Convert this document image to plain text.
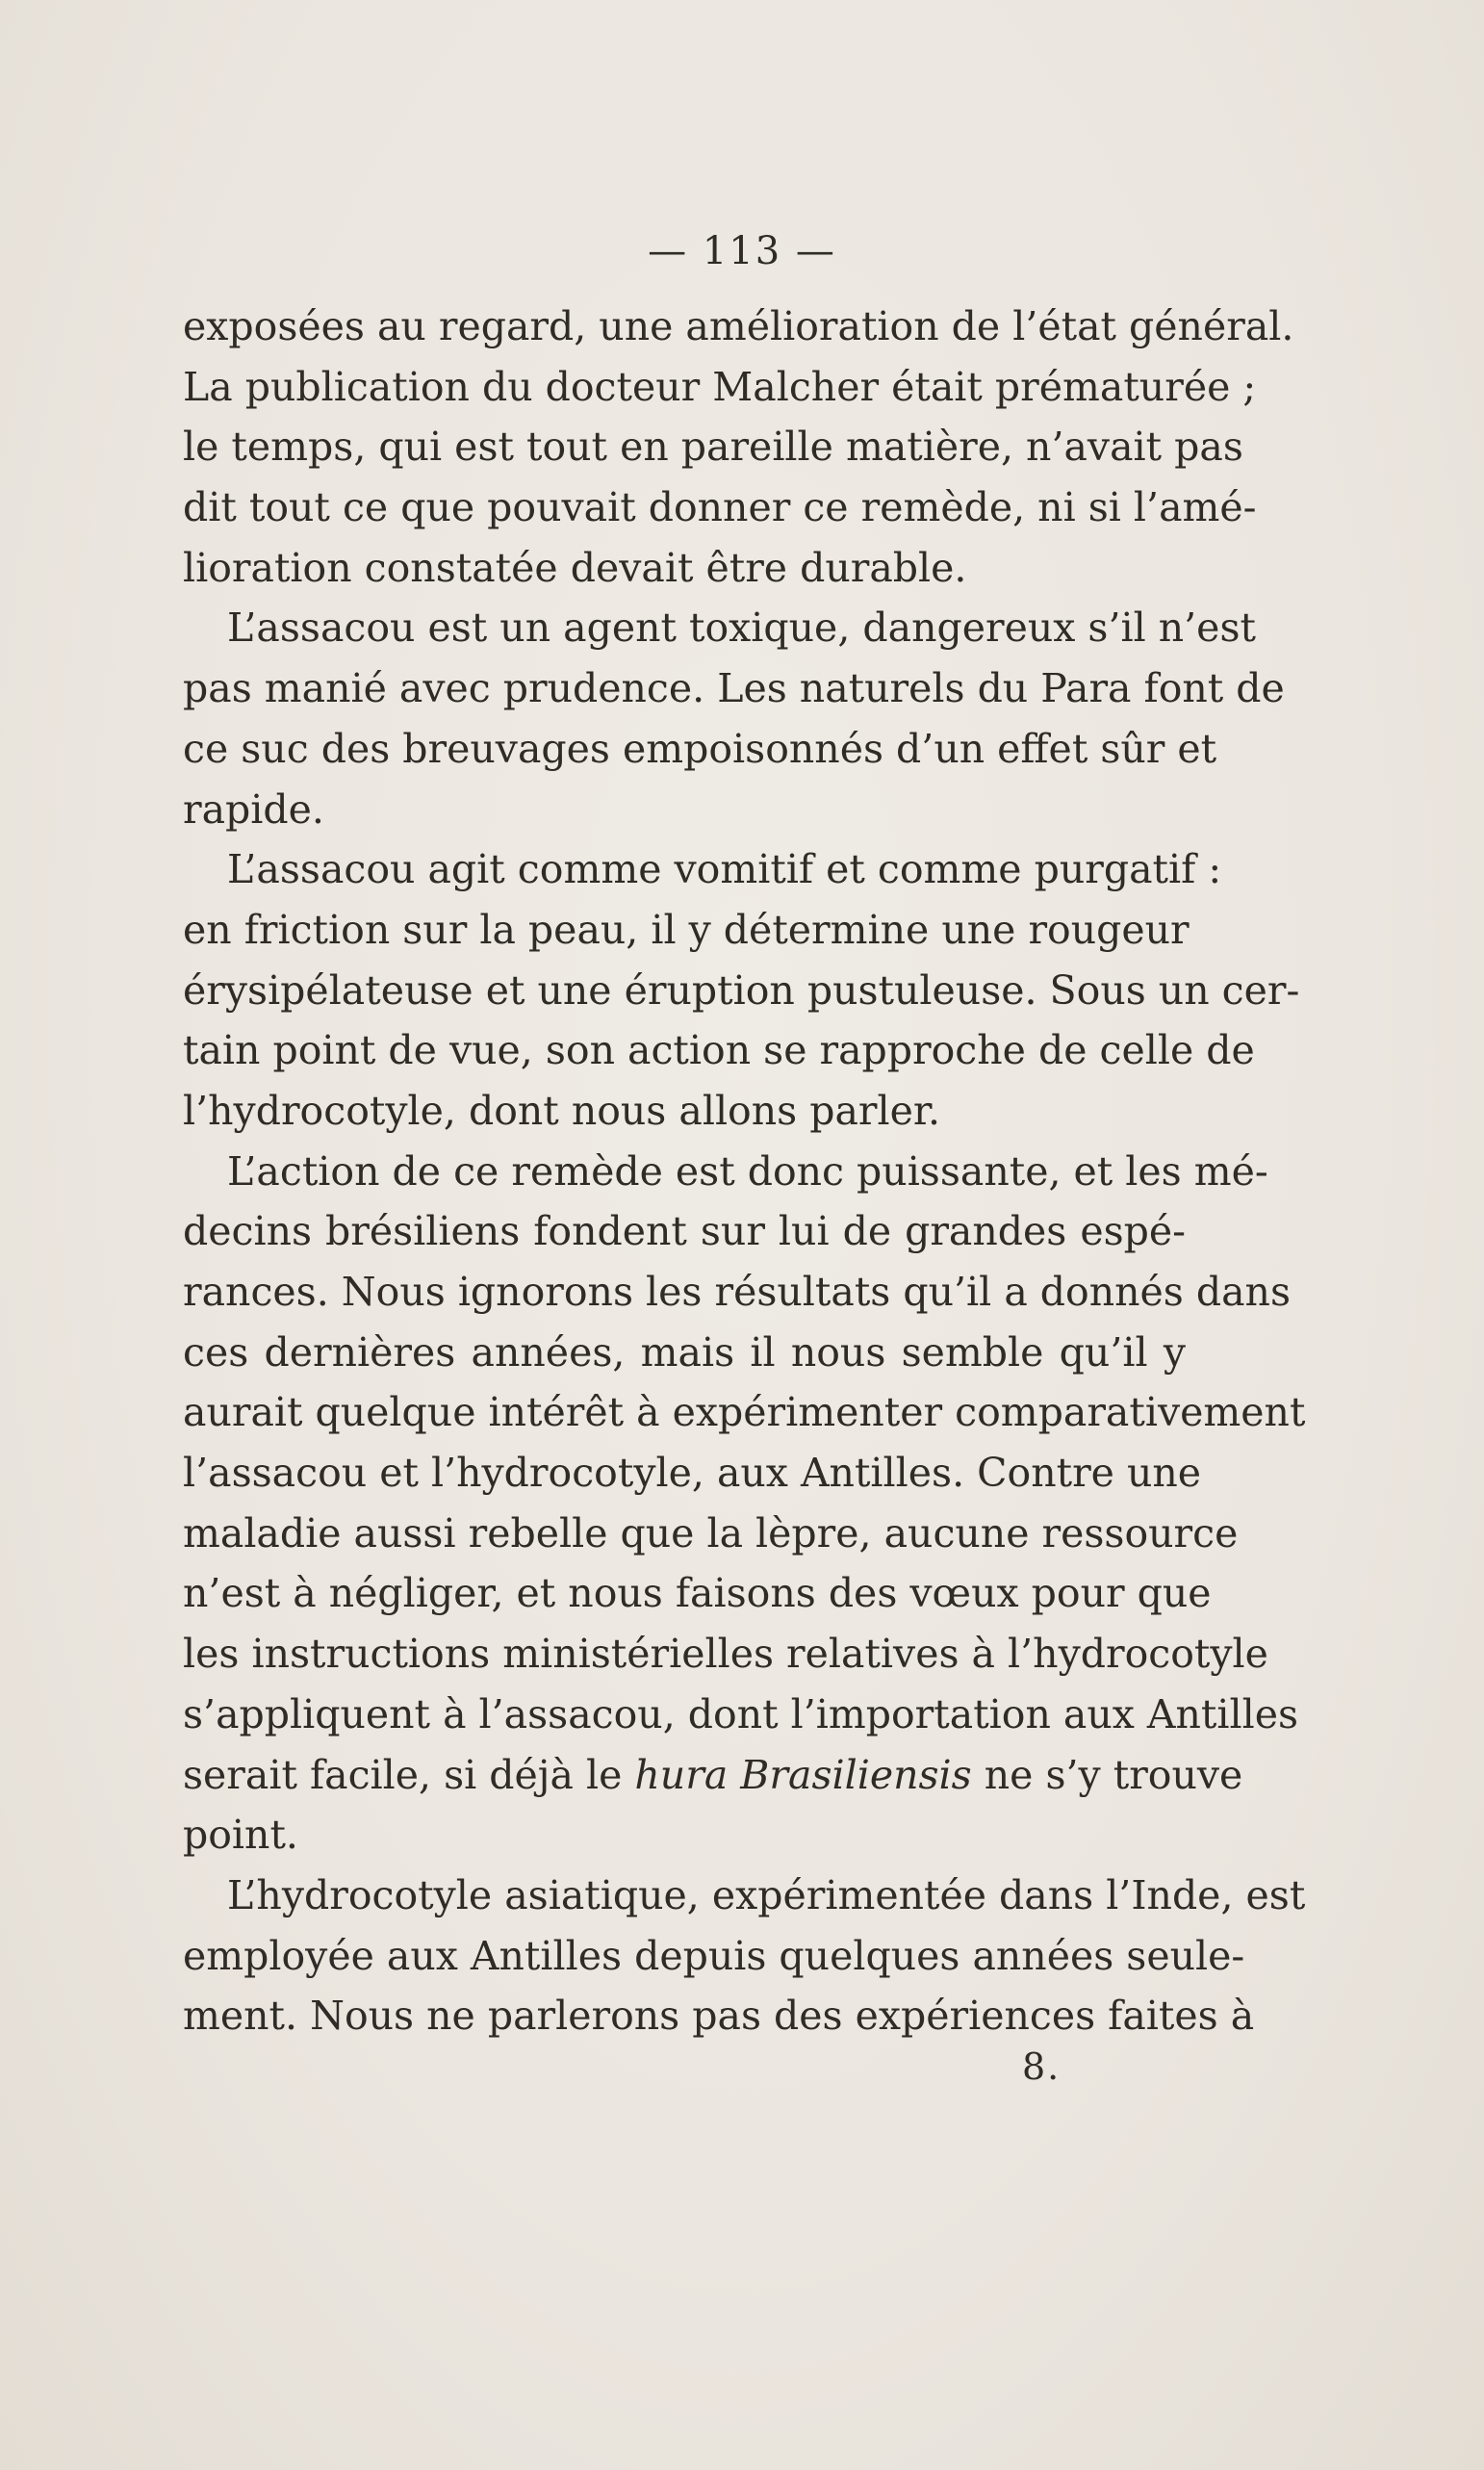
— 113 —
exposées au regard, une amélioration de l’état général.
La publication du docteur Malcher était prématurée ;
le temps, qui est tout en pareille matière, n’avait pas
dit tout ce que pouvait donner ce remède, ni si l’amé-
lioration constatée devait être durable.
L’assacou est un agent toxique, dangereux s’il n’est
pas manié avec prudence. Les naturels du Para font de
ce suc des breuvages empoisonnés d’un effet sûr et
rapide.
L’assacou agit comme vomitif et comme purgatif :
en friction sur la peau, il y détermine une rougeur
érysipélateuse et une éruption pustuleuse. Sous un cer-
tain point de vue, son action se rapproche de celle de
l’hydrocotyle, dont nous allons parler.
L’action de ce remède est donc puissante, et les mé-
decins brésiliens fondent sur lui de grandes espé-
rances. Nous ignorons les résultats qu’il a donnés dans
ces dernières années, mais il nous semble qu’il y
aurait quelque intérêt à expérimenter comparativement
l’assacou et l’hydrocotyle, aux Antilles. Contre une
maladie aussi rebelle que la lèpre, aucune ressource
n’est à négliger, et nous faisons des vœux pour que
les instructions ministérielles relatives à l’hydrocotyle
s’appliquent à l’assacou, dont l’importation aux Antilles
serait facile, si déjà le hura Brasiliensis ne s’y trouve
point.
L’hydrocotyle asiatique, expérimentée dans l’Inde, est
employée aux Antilles depuis quelques années seule-
ment. Nous ne parlerons pas des expériences faites à
8.
